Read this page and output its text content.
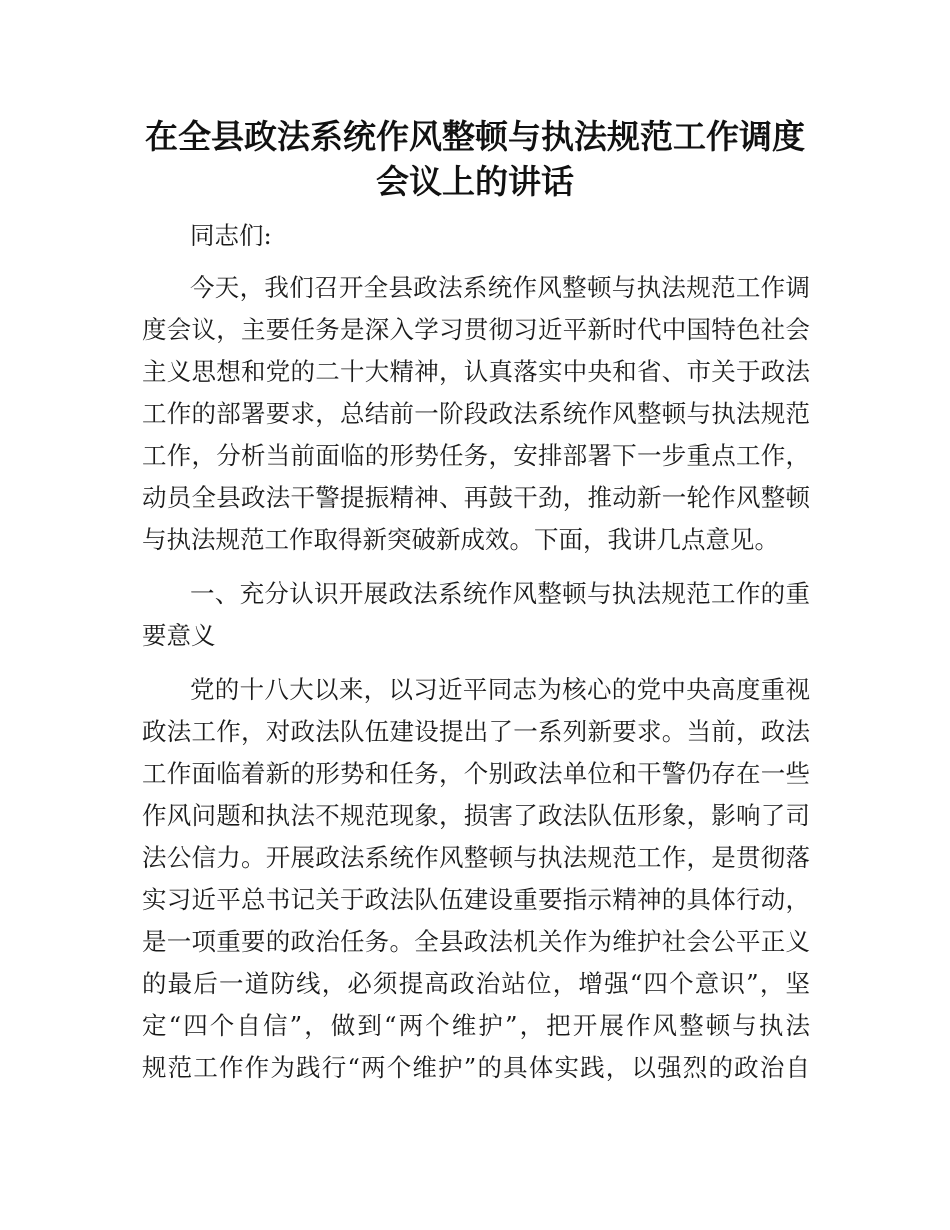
在全县政法系统作风整顿与执法规范工作调度
会议上的讲话
同志们:
今天，我们召开全县政法系统作风整顿与执法规范工作调
度会议，主要任务是深入学习贯彻习近平新时代中国特色社会
主义思想和党的二十大精神，认真落实中央和省、市关于政法
工作的部署要求，总结前一阶段政法系统作风整顿与执法规范
工作，分析当前面临的形势任务，安排部署下一步重点工作，
动员全县政法干警提振精神、再鼓干劲，推动新一轮作风整顿
与执法规范工作取得新突破新成效。下面，我讲几点意见。
一、充分认识开展政法系统作风整顿与执法规范工作的重
要意义
党的十八大以来，以习近平同志为核心的党中央高度重视
政法工作，对政法队伍建设提出了一系列新要求。当前，政法
工作面临着新的形势和任务，个别政法单位和干警仍存在一些
作风问题和执法不规范现象，损害了政法队伍形象，影响了司
法公信力。开展政法系统作风整顿与执法规范工作，是贯彻落
实习近平总书记关于政法队伍建设重要指示精神的具体行动，
是一项重要的政治任务。全县政法机关作为维护社会公平正义
的最后一道防线，必须提高政治站位，增强“四个意识”，坚
定“四个自信”，做到“两个维护”，把开展作风整顿与执法
规范工作作为践行“两个维护”的具体实践，以强烈的政治自
